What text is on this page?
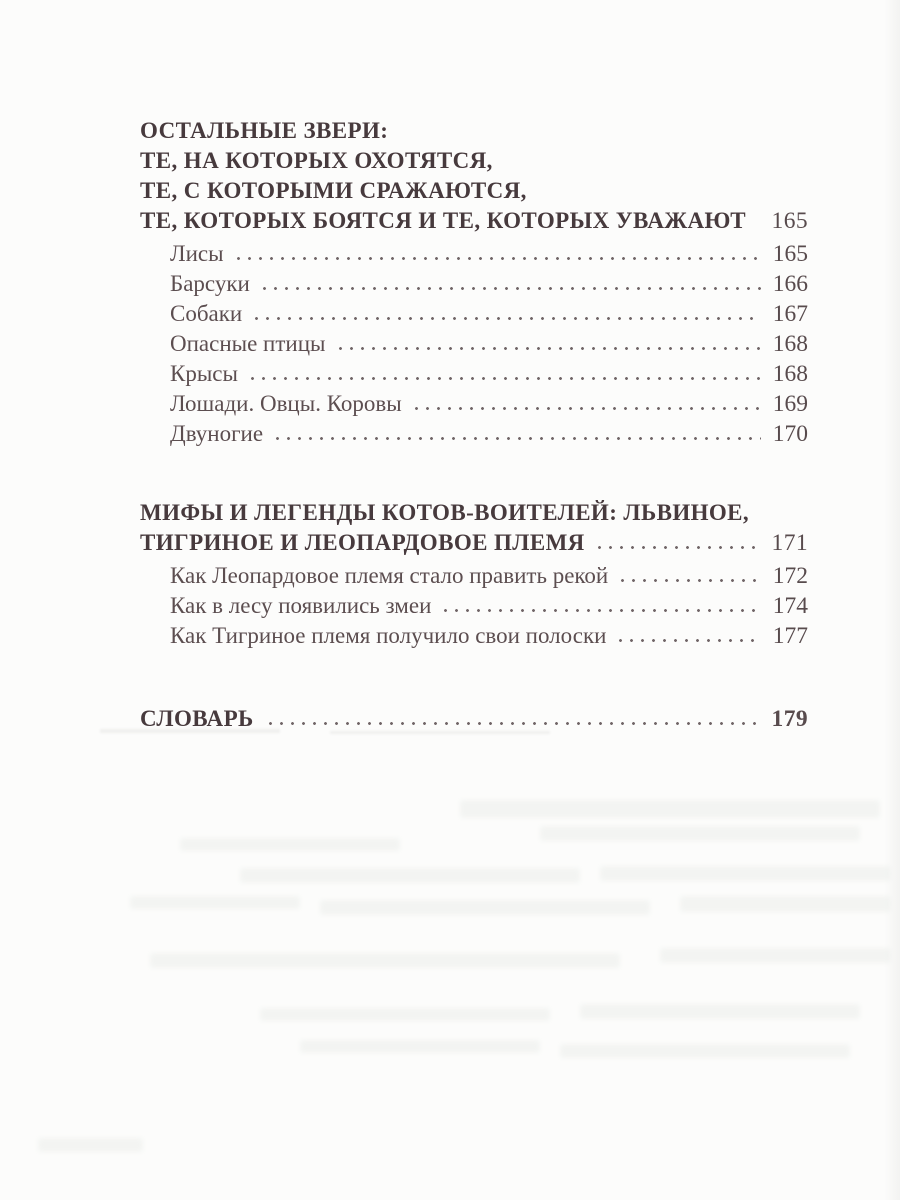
ОСТАЛЬНЫЕ ЗВЕРИ:
ТЕ, НА КОТОРЫХ ОХОТЯТСЯ,
ТЕ, С КОТОРЫМИ СРАЖАЮТСЯ,
ТЕ, КОТОРЫХ БОЯТСЯ И ТЕ, КОТОРЫХ УВАЖАЮТ 165
Лисы	165
Барсуки	166
Собаки	167
Опасные птицы	168
Крысы	168
Лошади. Овцы. Коровы	169
Двуногие	170
МИФЫ И ЛЕГЕНДЫ КОТОВ-ВОИТЕЛЕЙ: ЛЬВИНОЕ,
ТИГРИНОЕ И ЛЕОПАРДОВОЕ ПЛЕМЯ	171
Как Леопардовое племя стало править рекой	172
Как в лесу появились змеи	174
Как Тигриное племя получило свои полоски	177
СЛОВАРЬ	179
